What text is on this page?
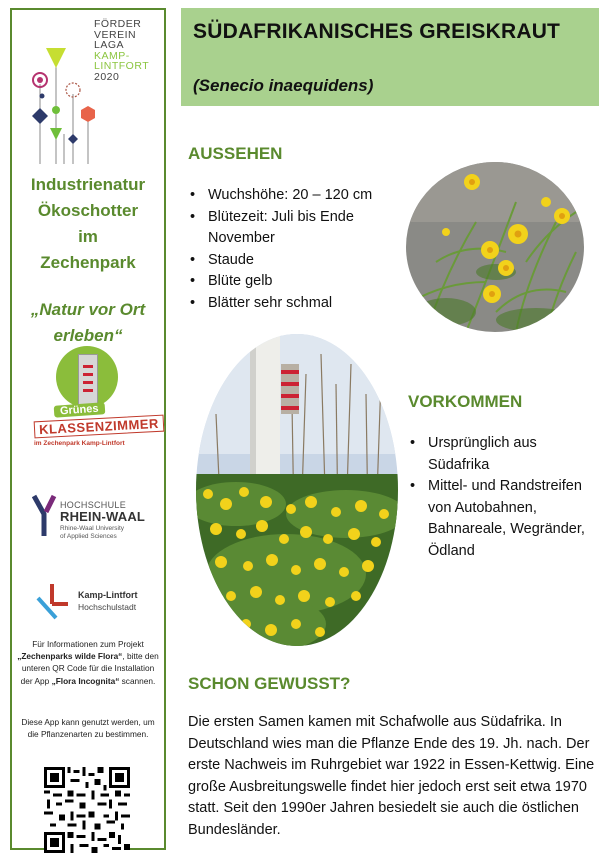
FÖRDER
VEREIN
LAGA
KAMP-
LINTFORT
2020
Industrienatur
Ökoschotter
im
Zechenpark
„Natur vor Ort
erleben“
Grünes
KLASSENZIMMER
im Zechenpark Kamp-Lintfort
HOCHSCHULE
RHEIN-WAAL
Rhine-Waal University
of Applied Sciences
Kamp-Lintfort
Hochschulstadt
Für Informationen zum Projekt „Zechenparks wilde Flora“, bitte den unteren QR Code für die Installation der App „Flora Incognita“ scannen.
Diese App kann genutzt werden, um die Pflanzenarten zu bestimmen.
SÜDAFRIKANISCHES GREISKRAUT
(Senecio inaequidens)
AUSSEHEN
• Wuchshöhe: 20 – 120 cm
• Blütezeit: Juli bis Ende November
• Staude
• Blüte gelb
• Blätter sehr schmal
VORKOMMEN
• Ursprünglich aus Südafrika
• Mittel- und Randstreifen von Autobahnen, Bahnareale, Wegränder, Ödland
SCHON GEWUSST?
Die ersten Samen kamen mit Schafwolle aus Südafrika. In Deutschland wies man die Pflanze Ende des 19. Jh. nach. Der erste Nachweis im Ruhrgebiet war 1922 in Essen-Kettwig. Eine große Ausbreitungswelle findet hier jedoch erst seit etwa 1970 statt. Seit den 1990er Jahren besiedelt sie auch die östlichen Bundesländer.
